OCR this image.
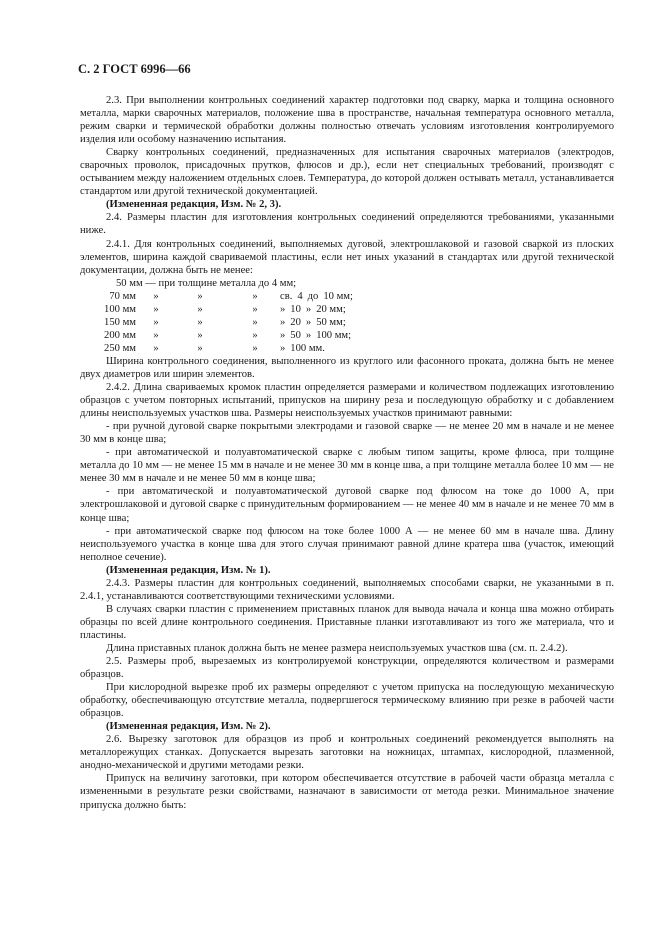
С. 2 ГОСТ 6996—66

2.3. При выполнении контрольных соединений характер подготовки под сварку, марка и толщина основного металла, марки сварочных материалов, положение шва в пространстве, начальная температура основного металла, режим сварки и термической обработки должны полностью отвечать условиям изготовления контролируемого изделия или особому назначению испытания.

Сварку контрольных соединений, предназначенных для испытания сварочных материалов (электродов, сварочных проволок, присадочных прутков, флюсов и др.), если нет специальных требований, производят с остыванием между наложением отдельных слоев. Температура, до которой должен остывать металл, устанавливается стандартом или другой технической документацией.

(Измененная редакция, Изм. № 2, 3).

2.4. Размеры пластин для изготовления контрольных соединений определяются требованиями, указанными ниже.

2.4.1. Для контрольных соединений, выполняемых дуговой, электрошлаковой и газовой сваркой из плоских элементов, ширина каждой свариваемой пластины, если нет иных указаний в стандартах или другой технической документации, должна быть не менее:

50 мм — при толщине металла до 4 мм;
70 мм	»	»	»	св. 4 до 10 мм;
100 мм	»	»	»	» 10 » 20 мм;
150 мм	»	»	»	» 20 » 50 мм;
200 мм	»	»	»	» 50 » 100 мм;
250 мм	»	»	»	» 100 мм.

Ширина контрольного соединения, выполненного из круглого или фасонного проката, должна быть не менее двух диаметров или ширин элементов.

2.4.2. Длина свариваемых кромок пластин определяется размерами и количеством подлежащих изготовлению образцов с учетом повторных испытаний, припусков на ширину реза и последующую обработку и с добавлением длины неиспользуемых участков шва. Размеры неиспользуемых участков принимают равными:

- при ручной дуговой сварке покрытыми электродами и газовой сварке — не менее 20 мм в начале и не менее 30 мм в конце шва;

- при автоматической и полуавтоматической сварке с любым типом защиты, кроме флюса, при толщине металла до 10 мм — не менее 15 мм в начале и не менее 30 мм в конце шва, а при толщине металла более 10 мм — не менее 30 мм в начале и не менее 50 мм в конце шва;

- при автоматической и полуавтоматической дуговой сварке под флюсом на токе до 1000 А, при электрошлаковой и дуговой сварке с принудительным формированием — не менее 40 мм в начале и не менее 70 мм в конце шва;

- при автоматической сварке под флюсом на токе более 1000 А — не менее 60 мм в начале шва. Длину неиспользуемого участка в конце шва для этого случая принимают равной длине кратера шва (участок, имеющий неполное сечение).

(Измененная редакция, Изм. № 1).

2.4.3. Размеры пластин для контрольных соединений, выполняемых способами сварки, не указанными в п. 2.4.1, устанавливаются соответствующими техническими условиями.

В случаях сварки пластин с применением приставных планок для вывода начала и конца шва можно отбирать образцы по всей длине контрольного соединения. Приставные планки изготавливают из того же материала, что и пластины.

Длина приставных планок должна быть не менее размера неиспользуемых участков шва (см. п. 2.4.2).

2.5. Размеры проб, вырезаемых из контролируемой конструкции, определяются количеством и размерами образцов.

При кислородной вырезке проб их размеры определяют с учетом припуска на последующую механическую обработку, обеспечивающую отсутствие металла, подвергшегося термическому влиянию при резке в рабочей части образцов.

(Измененная редакция, Изм. № 2).

2.6. Вырезку заготовок для образцов из проб и контрольных соединений рекомендуется выполнять на металлорежущих станках. Допускается вырезать заготовки на ножницах, штампах, кислородной, плазменной, анодно-механической и другими методами резки.

Припуск на величину заготовки, при котором обеспечивается отсутствие в рабочей части образца металла с измененными в результате резки свойствами, назначают в зависимости от метода резки. Минимальное значение припуска должно быть:
